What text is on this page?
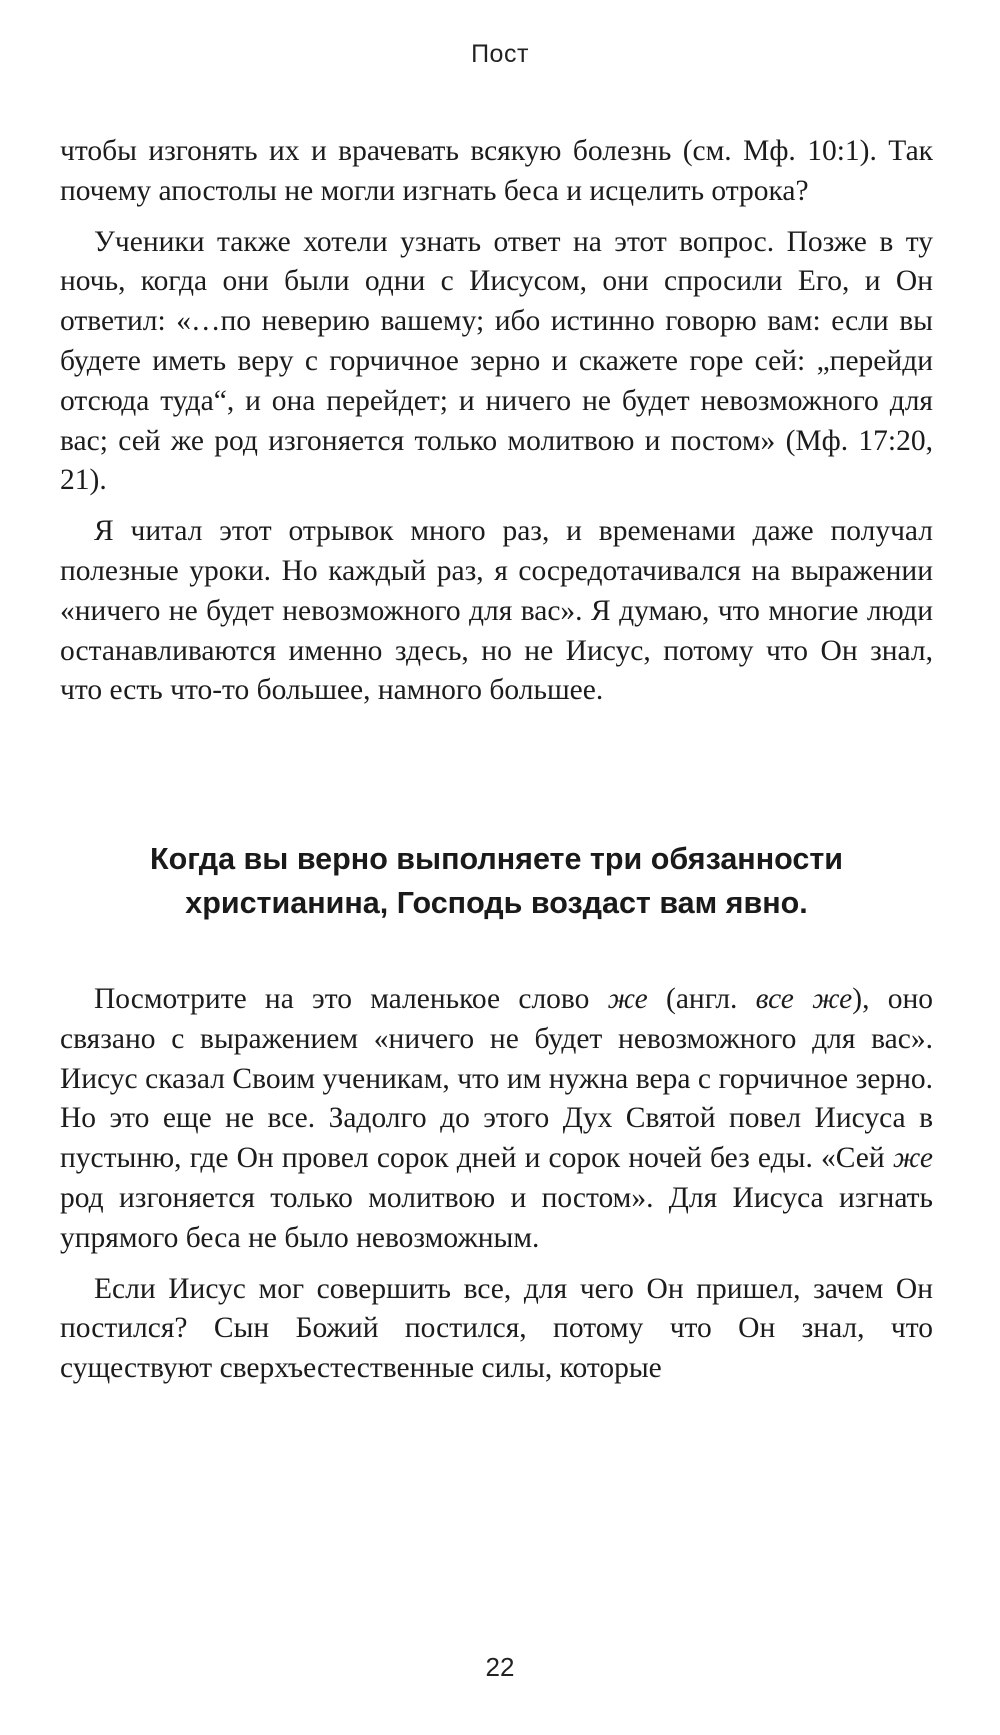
Пост

чтобы изгонять их и врачевать всякую болезнь (см. Мф. 10:1). Так почему апостолы не могли изгнать беса и исцелить отрока?

Ученики также хотели узнать ответ на этот вопрос. Позже в ту ночь, когда они были одни с Иисусом, они спросили Его, и Он ответил: «…по неверию вашему; ибо истинно говорю вам: если вы будете иметь веру с горчичное зерно и скажете горе сей: „перейди отсюда туда“, и она перейдет; и ничего не будет невозможного для вас; сей же род изгоняется только молитвою и постом» (Мф. 17:20, 21).

Я читал этот отрывок много раз, и временами даже получал полезные уроки. Но каждый раз, я сосредотачивался на выражении «ничего не будет невозможного для вас». Я думаю, что многие люди останавливаются именно здесь, но не Иисус, потому что Он знал, что есть что-то большее, намного большее.

Когда вы верно выполняете три обязанности
христианина, Господь воздаст вам явно.

Посмотрите на это маленькое слово же (англ. все же), оно связано с выражением «ничего не будет невозможного для вас». Иисус сказал Своим ученикам, что им нужна вера с горчичное зерно. Но это еще не все. Задолго до этого Дух Святой повел Иисуса в пустыню, где Он провел сорок дней и сорок ночей без еды. «Сей же род изгоняется только молитвою и постом». Для Иисуса изгнать упрямого беса не было невозможным.

Если Иисус мог совершить все, для чего Он пришел, зачем Он постился? Сын Божий постился, потому что Он знал, что существуют сверхъестественные силы, которые

22
